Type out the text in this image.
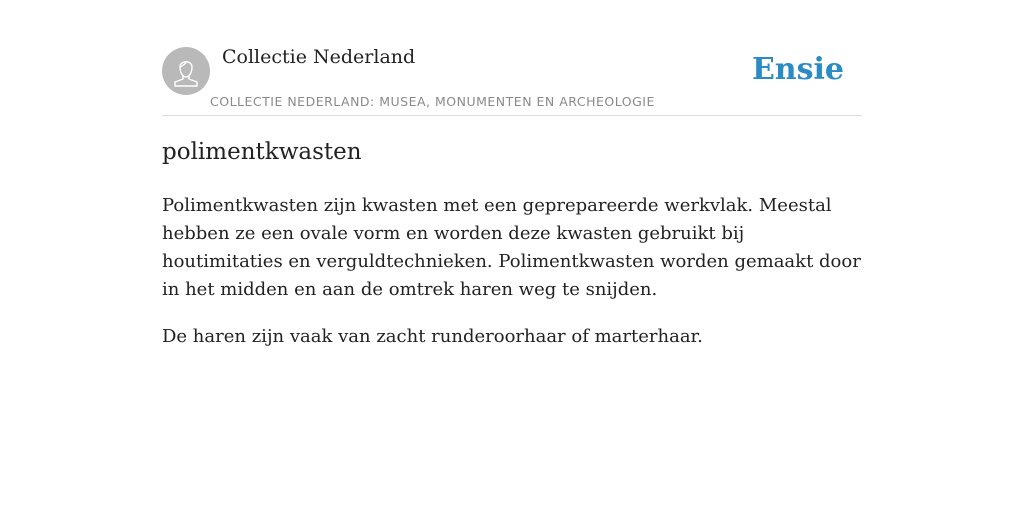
Collectie Nederland
COLLECTIE NEDERLAND: MUSEA, MONUMENTEN EN ARCHEOLOGIE
Ensie
polimentkwasten

Polimentkwasten zijn kwasten met een geprepareerde werkvlak. Meestal hebben ze een ovale vorm en worden deze kwasten gebruikt bij houtimitaties en verguldtechnieken. Polimentkwasten worden gemaakt door in het midden en aan de omtrek haren weg te snijden.

De haren zijn vaak van zacht runderoorhaar of marterhaar.
